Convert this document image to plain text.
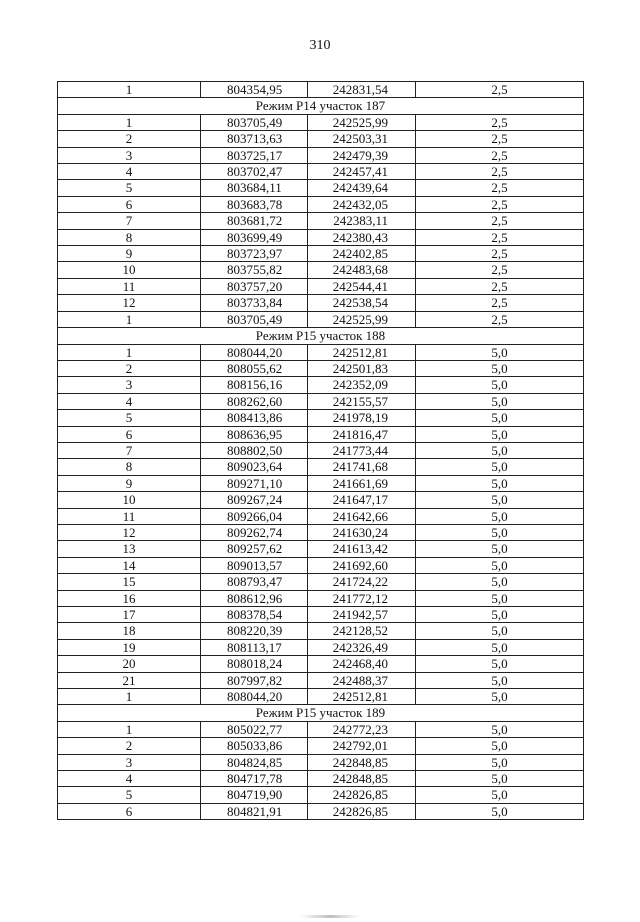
310
1	804354,95	242831,54	2,5
Режим Р14 участок 187			
1	803705,49	242525,99	2,5
2	803713,63	242503,31	2,5
3	803725,17	242479,39	2,5
4	803702,47	242457,41	2,5
5	803684,11	242439,64	2,5
6	803683,78	242432,05	2,5
7	803681,72	242383,11	2,5
8	803699,49	242380,43	2,5
9	803723,97	242402,85	2,5
10	803755,82	242483,68	2,5
11	803757,20	242544,41	2,5
12	803733,84	242538,54	2,5
1	803705,49	242525,99	2,5
Режим Р15 участок 188			
1	808044,20	242512,81	5,0
2	808055,62	242501,83	5,0
3	808156,16	242352,09	5,0
4	808262,60	242155,57	5,0
5	808413,86	241978,19	5,0
6	808636,95	241816,47	5,0
7	808802,50	241773,44	5,0
8	809023,64	241741,68	5,0
9	809271,10	241661,69	5,0
10	809267,24	241647,17	5,0
11	809266,04	241642,66	5,0
12	809262,74	241630,24	5,0
13	809257,62	241613,42	5,0
14	809013,57	241692,60	5,0
15	808793,47	241724,22	5,0
16	808612,96	241772,12	5,0
17	808378,54	241942,57	5,0
18	808220,39	242128,52	5,0
19	808113,17	242326,49	5,0
20	808018,24	242468,40	5,0
21	807997,82	242488,37	5,0
1	808044,20	242512,81	5,0
Режим Р15 участок 189			
1	805022,77	242772,23	5,0
2	805033,86	242792,01	5,0
3	804824,85	242848,85	5,0
4	804717,78	242848,85	5,0
5	804719,90	242826,85	5,0
6	804821,91	242826,85	5,0
